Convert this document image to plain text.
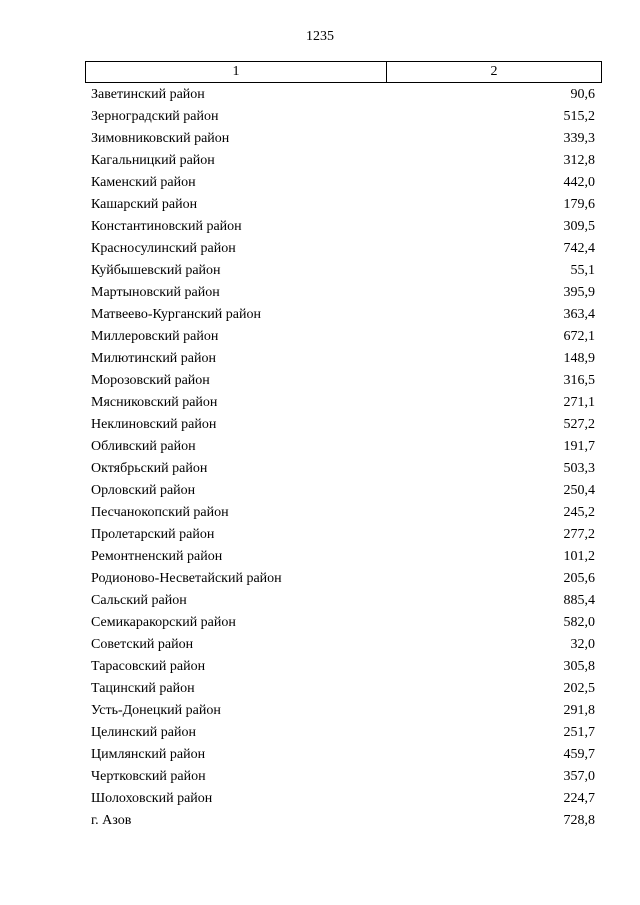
1235
1	2
Заветинский район	90,6
Зерноградский район	515,2
Зимовниковский район	339,3
Кагальницкий район	312,8
Каменский район	442,0
Кашарский район	179,6
Константиновский район	309,5
Красносулинский район	742,4
Куйбышевский район	55,1
Мартыновский район	395,9
Матвеево-Курганский район	363,4
Миллеровский район	672,1
Милютинский район	148,9
Морозовский район	316,5
Мясниковский район	271,1
Неклиновский район	527,2
Обливский район	191,7
Октябрьский район	503,3
Орловский район	250,4
Песчанокопский район	245,2
Пролетарский район	277,2
Ремонтненский район	101,2
Родионово-Несветайский район	205,6
Сальский район	885,4
Семикаракорский район	582,0
Советский район	32,0
Тарасовский район	305,8
Тацинский район	202,5
Усть-Донецкий район	291,8
Целинский район	251,7
Цимлянский район	459,7
Чертковский район	357,0
Шолоховский район	224,7
г. Азов	728,8
